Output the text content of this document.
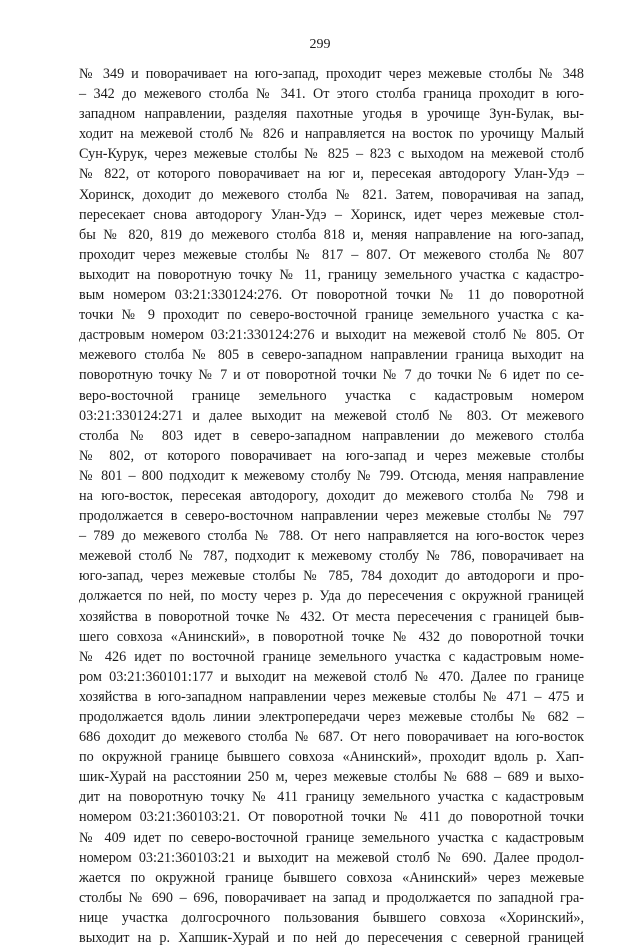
299
№ 349 и поворачивает на юго-запад, проходит через межевые столбы № 348
– 342 до межевого столба № 341. От этого столба граница проходит в юго-
западном направлении, разделяя пахотные угодья в урочище Зун-Булак, вы-
ходит на межевой столб № 826 и направляется на восток по урочищу Малый
Сун-Курук, через межевые столбы № 825 – 823 с выходом на межевой столб
№ 822, от которого поворачивает на юг и, пересекая автодорогу Улан-Удэ –
Хоринск, доходит до межевого столба № 821. Затем, поворачивая на запад,
пересекает снова автодорогу Улан-Удэ – Хоринск, идет через межевые стол-
бы № 820, 819 до межевого столба 818 и, меняя направление на юго-запад,
проходит через межевые столбы № 817 – 807. От межевого столба № 807
выходит на поворотную точку № 11, границу земельного участка с кадастро-
вым номером 03:21:330124:276. От поворотной точки № 11 до поворотной
точки № 9 проходит по северо-восточной границе земельного участка с ка-
дастровым номером 03:21:330124:276 и выходит на межевой столб № 805. От
межевого столба № 805 в северо-западном направлении граница выходит на
поворотную точку № 7 и от поворотной точки № 7 до точки № 6 идет по се-
веро-восточной границе земельного участка с кадастровым номером
03:21:330124:271 и далее выходит на межевой столб № 803. От межевого
столба № 803 идет в северо-западном направлении до межевого столба
№ 802, от которого поворачивает на юго-запад и через межевые столбы
№ 801 – 800 подходит к межевому столбу № 799. Отсюда, меняя направление
на юго-восток, пересекая автодорогу, доходит до межевого столба № 798 и
продолжается в северо-восточном направлении через межевые столбы № 797
– 789 до межевого столба № 788. От него направляется на юго-восток через
межевой столб № 787, подходит к межевому столбу № 786, поворачивает на
юго-запад, через межевые столбы № 785, 784 доходит до автодороги и про-
должается по ней, по мосту через р. Уда до пересечения с окружной границей
хозяйства в поворотной точке № 432. От места пересечения с границей быв-
шего совхоза «Анинский», в поворотной точке № 432 до поворотной точки
№ 426 идет по восточной границе земельного участка с кадастровым номе-
ром 03:21:360101:177 и выходит на межевой столб № 470. Далее по границе
хозяйства в юго-западном направлении через межевые столбы № 471 – 475 и
продолжается вдоль линии электропередачи через межевые столбы № 682 –
686 доходит до межевого столба № 687. От него поворачивает на юго-восток
по окружной границе бывшего совхоза «Анинский», проходит вдоль р. Хап-
шик-Хурай на расстоянии 250 м, через межевые столбы № 688 – 689 и выхо-
дит на поворотную точку № 411 границу земельного участка с кадастровым
номером 03:21:360103:21. От поворотной точки № 411 до поворотной точки
№ 409 идет по северо-восточной границе земельного участка с кадастровым
номером 03:21:360103:21 и выходит на межевой столб № 690. Далее продол-
жается по окружной границе бывшего совхоза «Анинский» через межевые
столбы № 690 – 696, поворачивает на запад и продолжается по западной гра-
нице участка долгосрочного пользования бывшего совхоза «Хоринский»,
выходит на р. Хапшик-Хурай и по ней до пересечения с северной границей
